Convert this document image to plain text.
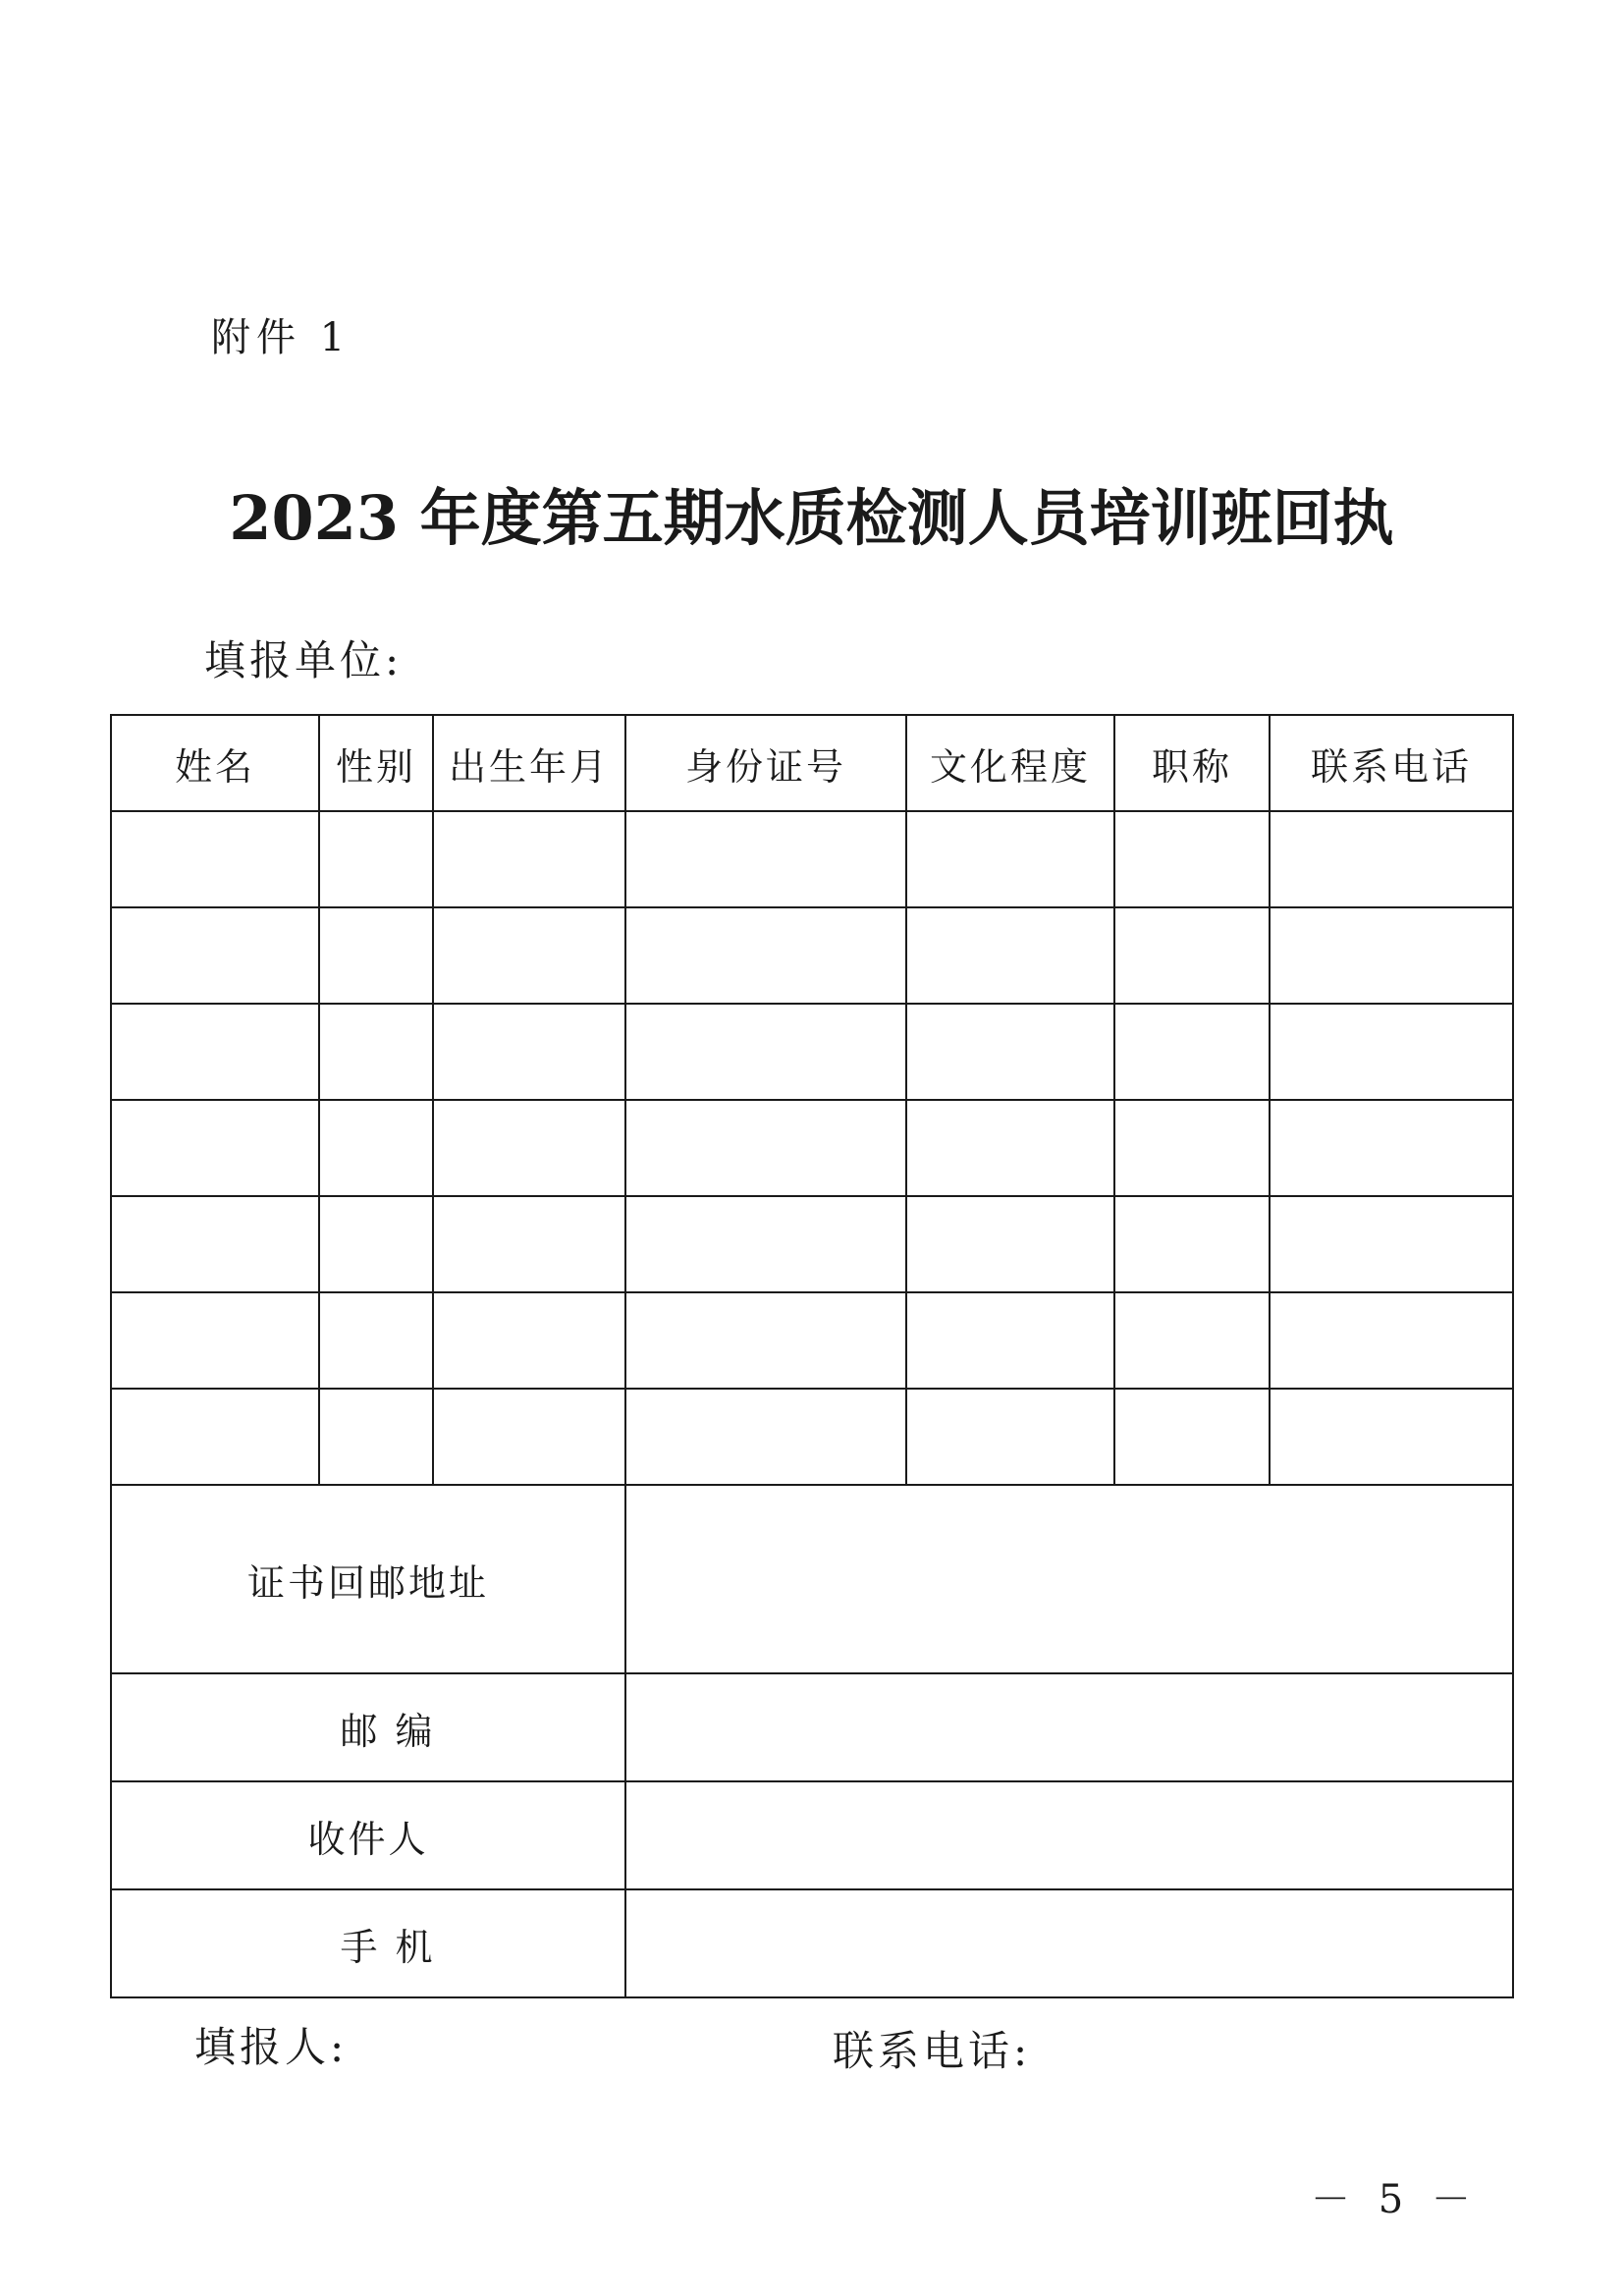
附件 1
2023 年度第五期水质检测人员培训班回执
填报单位:
姓名	性别	出生年月	身份证号	文化程度	职称	联系电话

证书回邮地址						
邮 编						
收件人						
手 机						
填报人:	联系电话:
－ 5 －
